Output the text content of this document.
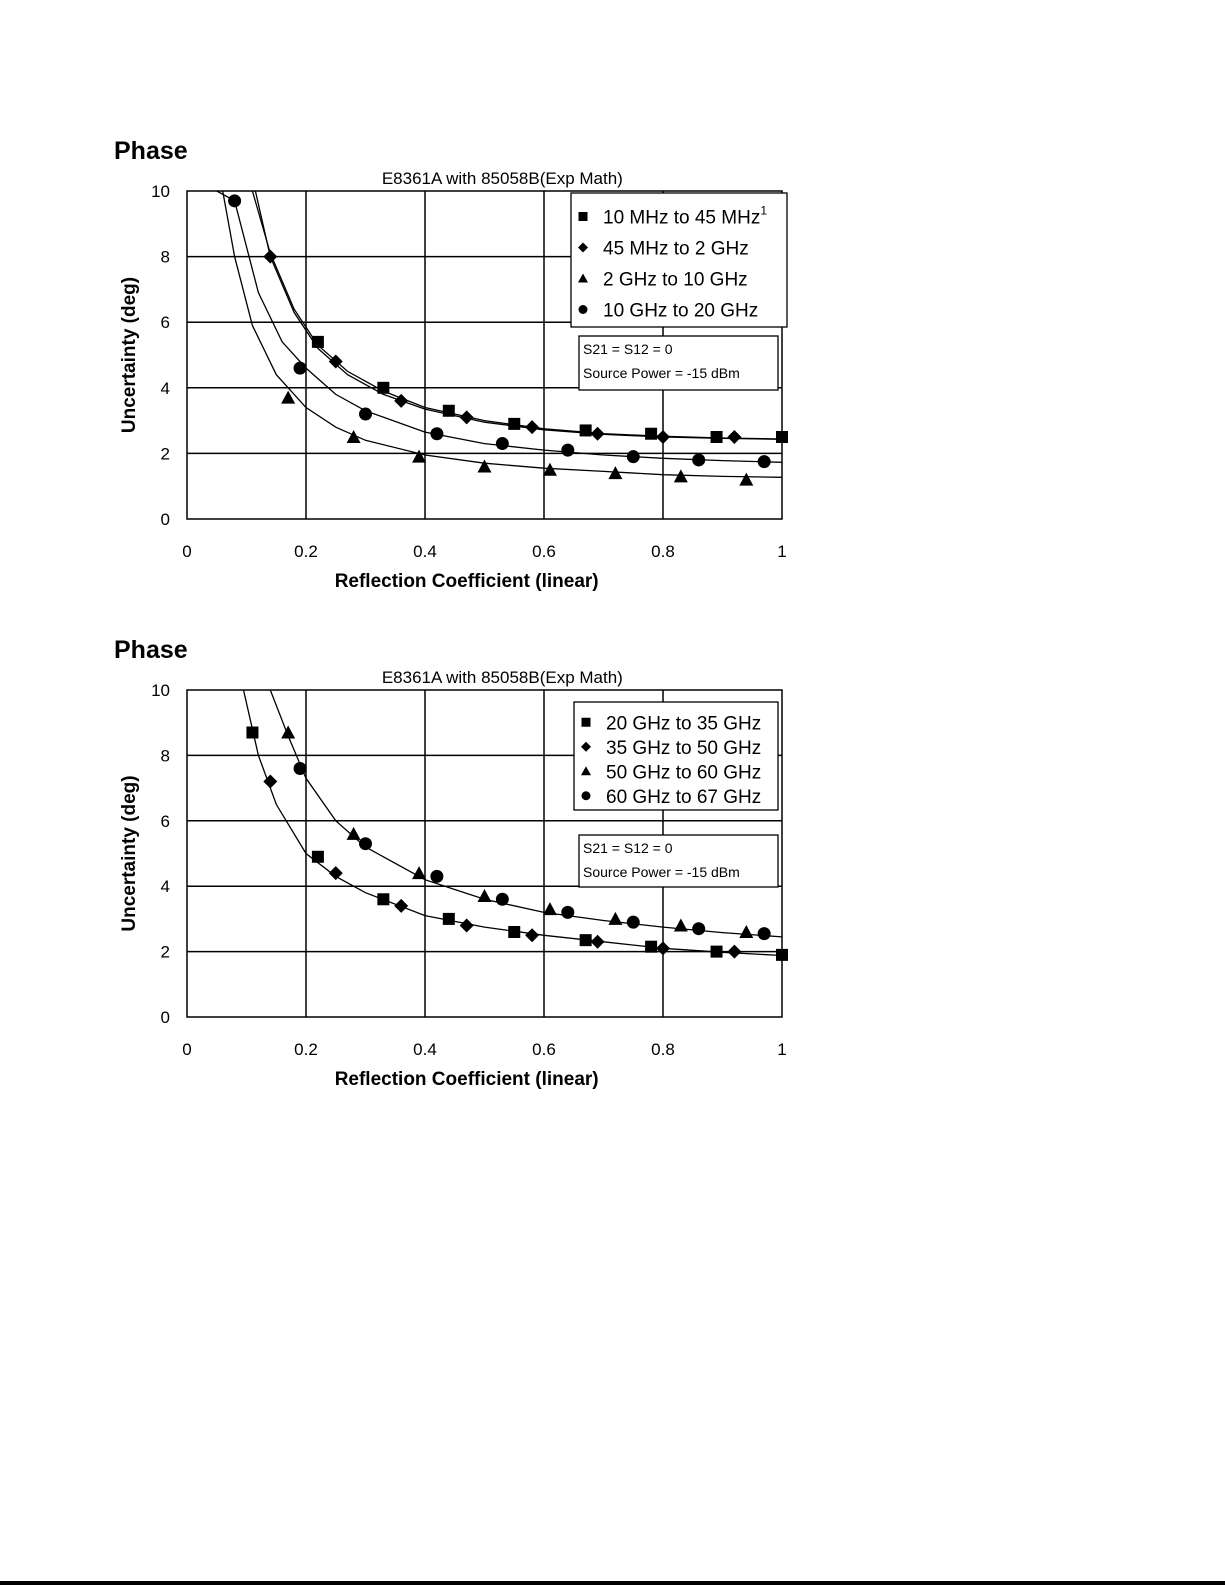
Phase
0	0.2	0.4	0.6	0.8	1
0
2
4
6
8
10
E8361A with 85058B(Exp Math)
Reflection Coefficient (linear)
Uncertainty (deg)
10 MHz to 45 MHz$^1$
45 MHz to 2 GHz
2 GHz to 10 GHz
10 GHz to 20 GHz
S21 = S12 = 0
Source Power = -15 dBm
Phase
0	0.2	0.4	0.6	0.8	1
0
2
4
6
8
10
E8361A with 85058B(Exp Math)
Reflection Coefficient (linear)
Uncertainty (deg)
20 GHz to 35 GHz
35 GHz to 50 GHz
50 GHz to 60 GHz
60 GHz to 67 GHz
S21 = S12 = 0
Source Power = -15 dBm
